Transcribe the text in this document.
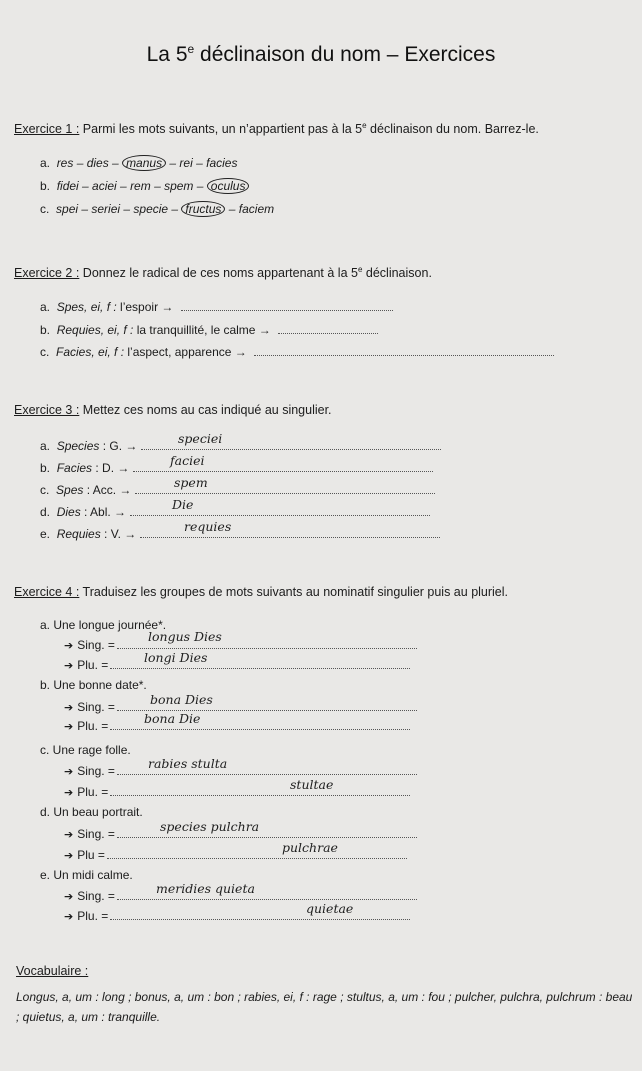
La 5e déclinaison du nom – Exercices
Exercice 1 : Parmi les mots suivants, un n’appartient pas à la 5e déclinaison du nom. Barrez-le.
a. res – dies – manus – rei – facies
b. fidei – aciei – rem – spem – oculus
c. spei – seriei – specie – fructus – faciem
Exercice 2 : Donnez le radical de ces noms appartenant à la 5e déclinaison.
a. Spes, ei, f : l’espoir →
b. Requies, ei, f : la tranquillité, le calme →
c. Facies, ei, f : l’aspect, apparence →
Exercice 3 : Mettez ces noms au cas indiqué au singulier.
a. Species : G. →	speciei
b. Facies : D. →	faciei
c. Spes : Acc. →	spem
d. Dies : Abl. →	Die
e. Requies : V. →	requies
Exercice 4 : Traduisez les groupes de mots suivants au nominatif singulier puis au pluriel.
a. Une longue journée*.
➔ Sing. =
longus Dies
➔ Plu. =	longi Dies
b. Une bonne date*.
➔ Sing. =	bona Dies
➔ Plu. =	bona Die
c. Une rage folle.
➔ Sing. =	rabies stulta
➔ Plu. =	stultae
d. Un beau portrait.
➔ Sing. =	species pulchra
➔ Plu =	pulchrae
e. Un midi calme.
➔ Sing. =	meridies quieta
➔ Plu. =	quietae
Vocabulaire :
Longus, a, um : long ; bonus, a, um : bon ; rabies, ei, f : rage ; stultus, a, um : fou ; pulcher, pulchra, pulchrum : beau ; quietus, a, um : tranquille.
